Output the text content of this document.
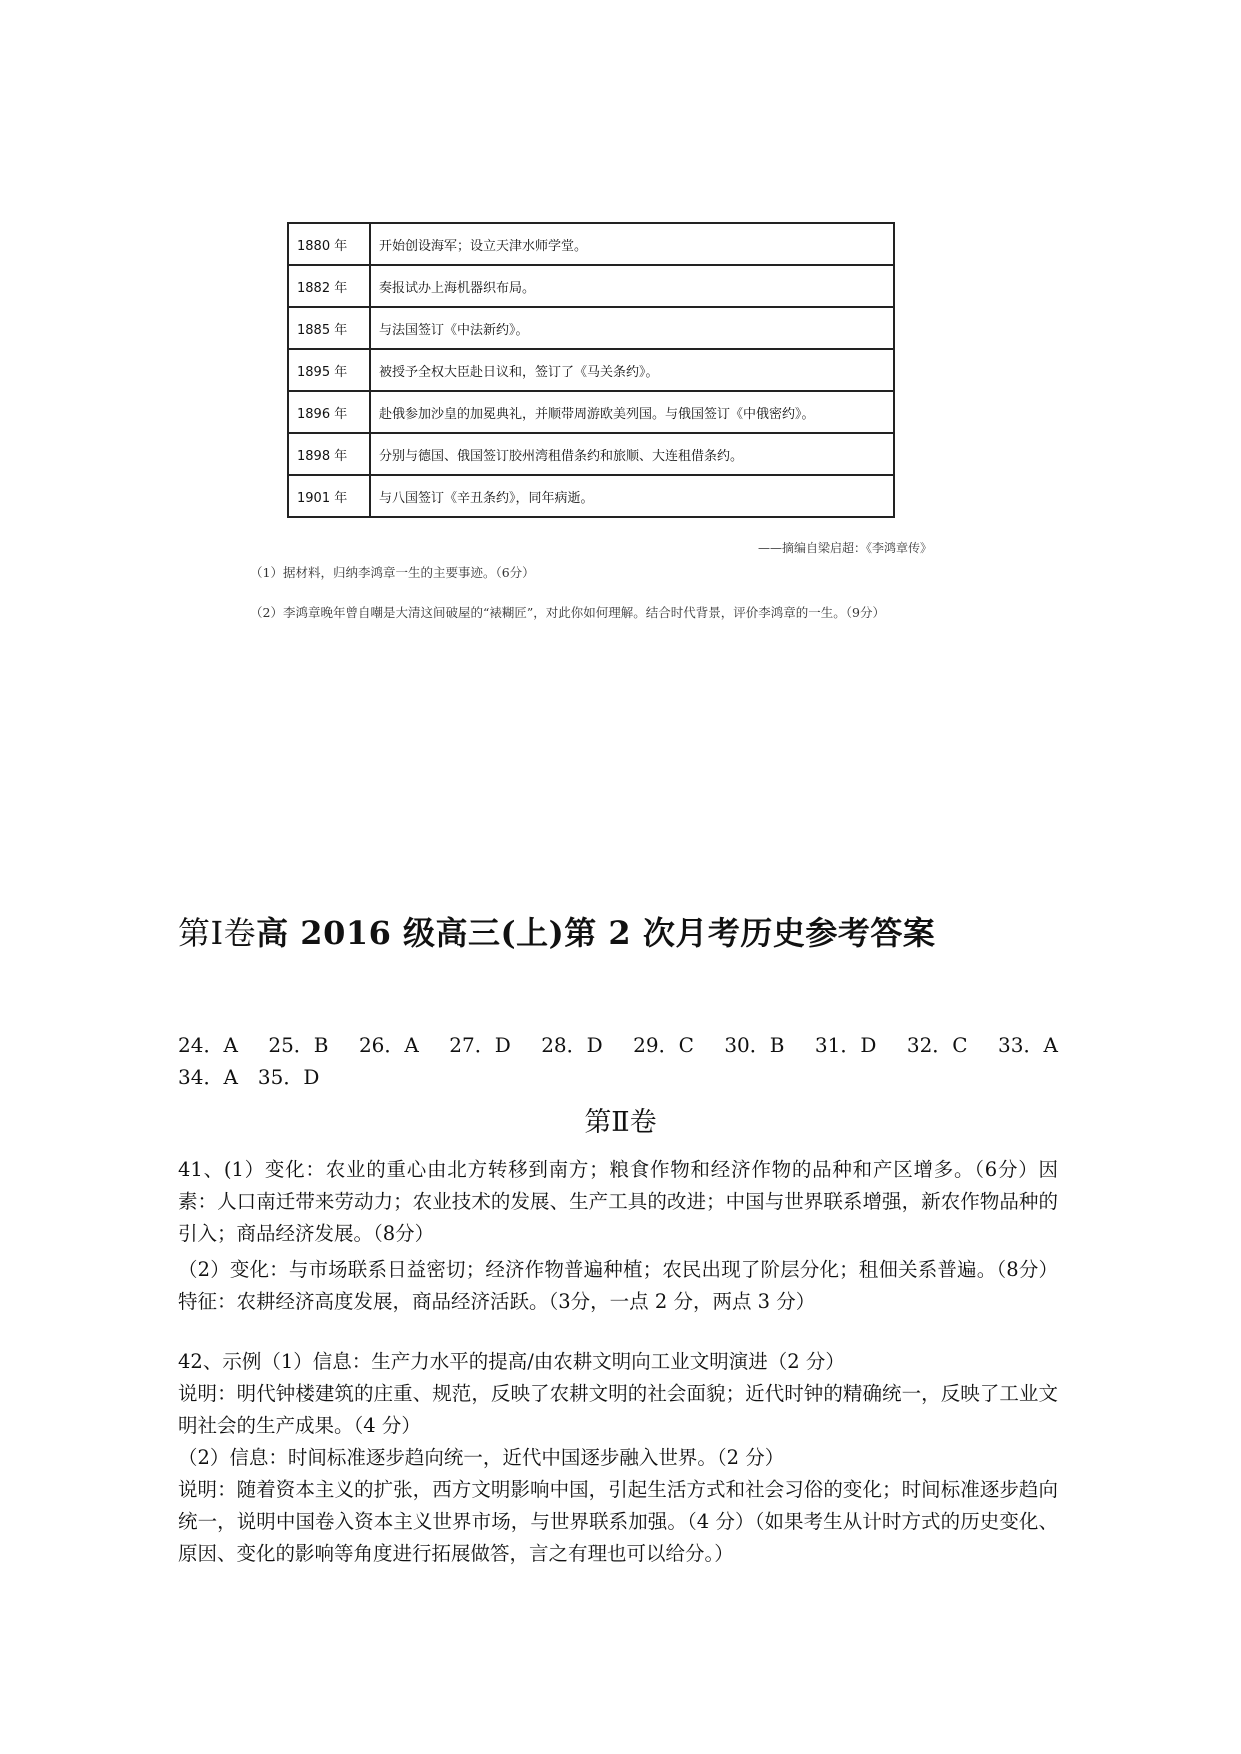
1880 年	开始创设海军；设立天津水师学堂。
1882 年	奏报试办上海机器织布局。
1885 年	与法国签订《中法新约》。
1895 年	被授予全权大臣赴日议和，签订了《马关条约》。
1896 年	赴俄参加沙皇的加冕典礼，并顺带周游欧美列国。与俄国签订《中俄密约》。
1898 年	分别与德国、俄国签订胶州湾租借条约和旅顺、大连租借条约。
1901 年	与八国签订《辛丑条约》，同年病逝。
——摘编自梁启超：《李鸿章传》
（1）据材料，归纳李鸿章一生的主要事迹。（6分）
（2）李鸿章晚年曾自嘲是大清这间破屋的“裱糊匠”，对此你如何理解。结合时代背景，评价李鸿章的一生。（9分）
第Ⅰ卷高 2016 级高三(上)第 2 次月考历史参考答案
24．A 25．B 26．A 27．D 28．D 29．C 30．B 31．D 32．C 33．A
34．A 35．D
第Ⅱ卷

41、(1）变化：农业的重心由北方转移到南方；粮食作物和经济作物的品种和产区增多。（6分）因素：人口南迁带来劳动力；农业技术的发展、生产工具的改进；中国与世界联系增强，新农作物品种的引入；商品经济发展。（8分）

（2）变化：与市场联系日益密切；经济作物普遍种植；农民出现了阶层分化；租佃关系普遍。（8分）特征：农耕经济高度发展，商品经济活跃。（3分，一点 2 分，两点 3 分）

42、示例（1）信息：生产力水平的提高/由农耕文明向工业文明演进（2 分）

说明：明代钟楼建筑的庄重、规范，反映了农耕文明的社会面貌；近代时钟的精确统一，反映了工业文明社会的生产成果。（4 分）

（2）信息：时间标准逐步趋向统一，近代中国逐步融入世界。（2 分）

说明：随着资本主义的扩张，西方文明影响中国，引起生活方式和社会习俗的变化；时间标准逐步趋向统一，说明中国卷入资本主义世界市场，与世界联系加强。（4 分）（如果考生从计时方式的历史变化、原因、变化的影响等角度进行拓展做答，言之有理也可以给分。）
